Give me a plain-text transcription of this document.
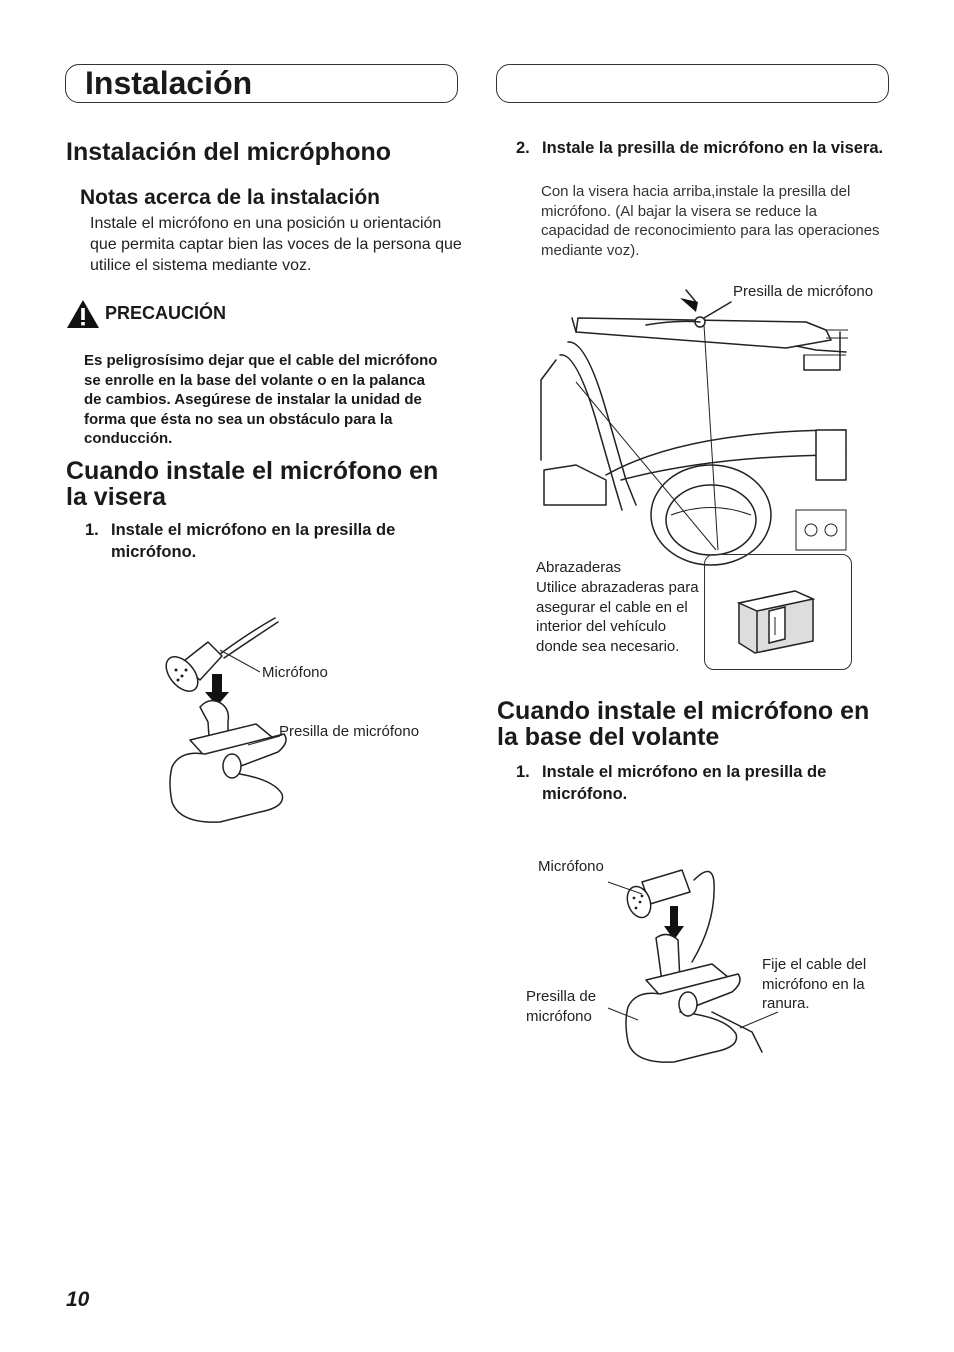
Instalación
Instalación del micróphono
Notas acerca de la instalación

Instale el micrófono en una posición u orientación que permita captar bien las voces de la persona que utilice el sistema mediante voz.

PRECAUCIÓN
Es peligrosísimo dejar que el cable del micrófono se enrolle en la base del volante o en la palanca de cambios. Asegúrese de instalar la unidad de forma que ésta no sea un obstáculo para la conducción.
Cuando instale el micrófono en la visera
1. Instale el micrófono en la presilla de micrófono.
Micrófono
Presilla de micrófono
2. Instale la presilla de micrófono en la visera.
Con la visera hacia arriba,instale la presilla del micrófono. (Al bajar la visera se reduce la capacidad de reconocimiento para las operaciones mediante voz).
Presilla de micrófono
Abrazaderas
Utilice abrazaderas para asegurar el cable en el interior del vehículo donde sea necesario.
Cuando instale el micrófono en la base del volante
1. Instale el micrófono en la presilla de micrófono.
Micrófono
Presilla de micrófono
Fije el cable del micrófono en la ranura.
10
